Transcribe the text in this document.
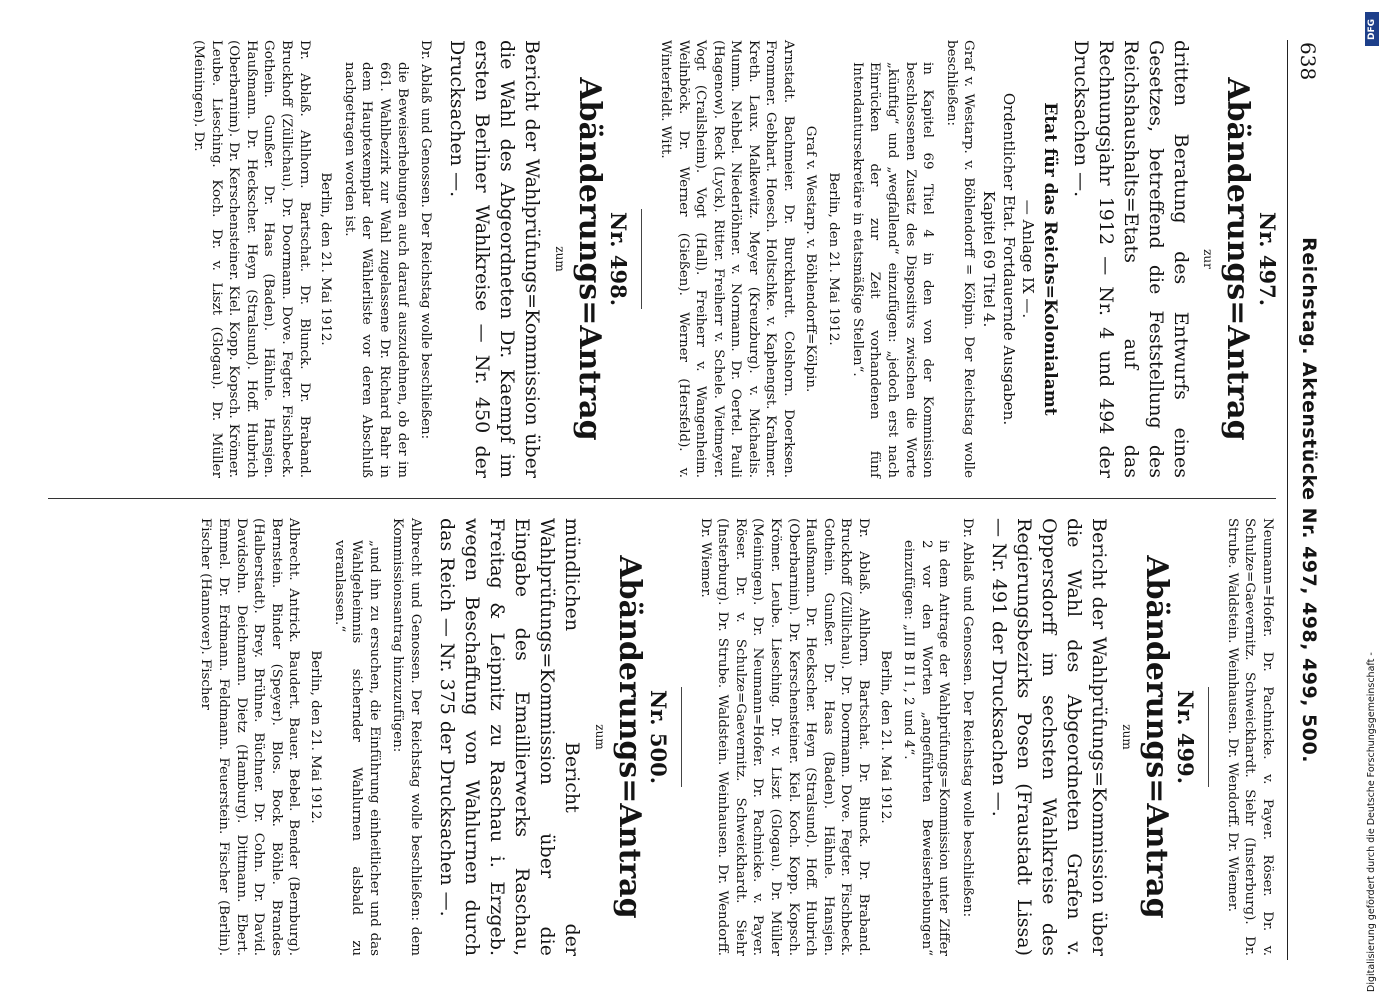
638
Reichstag. Aktenstücke Nr. 497, 498, 499, 500.
Nr. 497.
Abänderungs=Antrag
zur
dritten Beratung des Entwurfs eines Gesetzes, betreffend die Feststellung des Reichshaushalts=Etats auf das Rechnungsjahr 1912 — Nr. 4 und 494 der Drucksachen —.
Etat für das Reichs=Kolonialamt
— Anlage IX —.
Ordentlicher Etat. Fortdauernde Ausgaben.
Kapitel 69 Titel 4.

Graf v. Westarp. v. Böhlendorff = Kölpin. Der Reichstag wolle beschließen:

in Kapitel 69 Titel 4 in den von der Kommission beschlossenen Zusatz des Dispositivs zwischen die Worte „künftig“ und „wegfallend“ einzufügen: „jedoch erst nach Einrücken der zur Zeit vorhandenen fünf Intendantursekretäre in etatsmäßige Stellen“.

Berlin, den 21. Mai 1912.
Graf v. Westarp. v. Böhlendorff=Kölpin.

Arnstadt. Bachmeier. Dr. Burckhardt. Colshorn. Doerksen. Frommer. Gebhart. Hoesch. Holtschke. v. Kaphengst. Krahmer. Kreth. Laux. Malkewitz. Meyer (Kreuzburg). v. Michaelis. Mumm. Nehbel. Niederlöhner. v. Normann. Dr. Oertel. Pauli (Hagenow). Reck (Lyck). Ritter. Freiherr v. Schele. Vietmeyer. Vogt (Crailsheim). Vogt (Hall). Freiherr v. Wangenheim. Weilnböck. Dr. Werner (Gießen). Werner (Hersfeld). v. Winterfeldt. Witt.

Nr. 498.
Abänderungs=Antrag
zum
Bericht der Wahlprüfungs=Kommission über die Wahl des Abgeordneten Dr. Kaempf im ersten Berliner Wahlkreise — Nr. 450 der Drucksachen —.

Dr. Ablaß und Genossen. Der Reichstag wolle beschließen:

die Beweiserhebungen auch darauf auszudehnen, ob der im 661. Wahlbezirk zur Wahl zugelassene Dr. Richard Bahr in dem Hauptexemplar der Wählerliste vor deren Abschluß nachgetragen worden ist.

Berlin, den 21. Mai 1912.

Dr. Ablaß. Ahlhorn. Bartschat. Dr. Blunck. Dr. Braband. Bruckhoff (Züllichau). Dr. Doormann. Dove. Fegter. Fischbeck. Gothein. Gunßer. Dr. Haas (Baden). Hähnle. Hansjen. Haußmann. Dr. Heckscher. Heyn (Stralsund). Hoff. Hubrich (Oberbarnim). Dr. Kerschensteiner. Kiel. Kopp. Kopsch. Krömer. Leube. Liesching. Koch. Dr. v. Liszt (Glogau). Dr. Müller (Meiningen). Dr.

Neumann=Hofer. Dr. Pachnicke. v. Payer. Röser. Dr. v. Schulze=Gaevernitz. Schweickhardt. Siehr (Insterburg). Dr. Strube. Waldstein. Weinhausen. Dr. Wendorff. Dr. Wiemer.

Nr. 499.
Abänderungs=Antrag
zum
Bericht der Wahlprüfungs=Kommission über die Wahl des Abgeordneten Grafen v. Oppersdorff im sechsten Wahlkreise des Regierungsbezirks Posen (Fraustadt Lissa) — Nr. 491 der Drucksachen —.

Dr. Ablaß und Genossen. Der Reichstag wolle beschließen:

in dem Antrage der Wahlprüfungs=Kommission unter Ziffer 2 vor den Worten „angeführten Beweiserhebungen“ einzufügen: „III B II 1, 2 und 4“.

Berlin, den 21. Mai 1912.

Dr. Ablaß. Ahlhorn. Bartschat. Dr. Blunck. Dr. Braband. Bruckhoff (Züllichau). Dr. Doormann. Dove. Fegter. Fischbeck. Gothein. Gunßer. Dr. Haas (Baden). Hähnle. Hansjen. Haußmann. Dr. Heckscher. Heyn (Stralsund). Hoff. Hubrich (Oberbarnim). Dr. Kerschensteiner. Kiel. Koch. Kopp. Kopsch. Krömer. Leube. Liesching. Dr. v. Liszt (Glogau). Dr. Müller (Meiningen). Dr. Neumann=Hofer. Dr. Pachnicke. v. Payer. Röser. Dr. v. Schulze=Gaevernitz. Schweickhardt. Siehr (Insterburg). Dr. Strube. Waldstein. Weinhausen. Dr. Wendorff. Dr. Wiemer.

Nr. 500.
Abänderungs=Antrag
zum
mündlichen Bericht der Wahlprüfungs=Kommission über die Eingabe des Emaillierwerks Raschau, Freitag & Leipnitz zu Raschau i. Erzgeb. wegen Beschaffung von Wahlurnen durch das Reich — Nr. 375 der Drucksachen —.

Albrecht und Genossen. Der Reichstag wolle beschließen: dem Kommissionsantrag hinzuzufügen:

„und ihn zu ersuchen, die Einführung einheitlicher und das Wahlgeheimnis sichernder Wahlurnen alsbald zu veranlassen.“

Berlin, den 21. Mai 1912.

Albrecht. Antrick. Baudert. Bauer. Bebel. Bender (Bernburg). Bernstein. Binder (Speyer). Blos. Bock. Böhle. Brandes (Halberstadt). Brey. Brühne. Büchner. Dr. Cohn. Dr. David. Davidsohn. Deichmann. Dietz (Hamburg). Dittmann. Ebert. Emmel. Dr. Erdmann. Feldmann. Feuerstein. Fischer (Berlin). Fischer (Hannover). Fischer

DFG
Digitalisierung gefördert durch die Deutsche Forschungsgemeinschaft -
